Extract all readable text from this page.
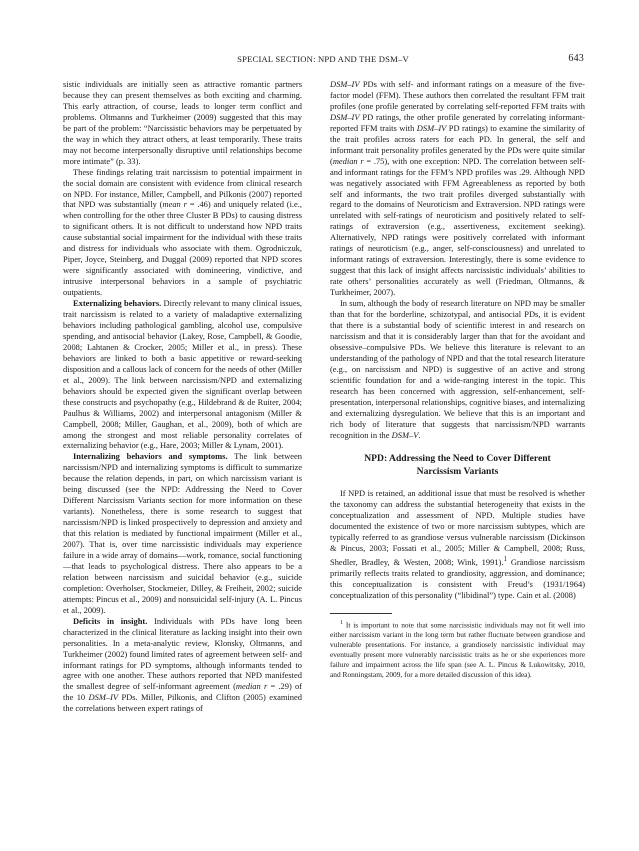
SPECIAL SECTION: NPD AND THE DSM–V	643

sistic individuals are initially seen as attractive romantic partners because they can present themselves as both exciting and charming. This early attraction, of course, leads to longer term conflict and problems. Oltmanns and Turkheimer (2009) suggested that this may be part of the problem: “Narcissistic behaviors may be perpetuated by the way in which they attract others, at least temporarily. These traits may not become interpersonally disruptive until relationships become more intimate” (p. 33).

These findings relating trait narcissism to potential impairment in the social domain are consistent with evidence from clinical research on NPD. For instance, Miller, Campbell, and Pilkonis (2007) reported that NPD was substantially (mean r = .46) and uniquely related (i.e., when controlling for the other three Cluster B PDs) to causing distress to significant others. It is not difficult to understand how NPD traits cause substantial social impairment for the individual with these traits and distress for individuals who associate with them. Ogrodniczuk, Piper, Joyce, Steinberg, and Duggal (2009) reported that NPD scores were significantly associated with domineering, vindictive, and intrusive interpersonal behaviors in a sample of psychiatric outpatients.

Externalizing behaviors. Directly relevant to many clinical issues, trait narcissism is related to a variety of maladaptive externalizing behaviors including pathological gambling, alcohol use, compulsive spending, and antisocial behavior (Lakey, Rose, Campbell, & Goodie, 2008; Lahtanen & Crocker, 2005; Miller et al., in press). These behaviors are linked to both a basic appetitive or reward-seeking disposition and a callous lack of concern for the needs of other (Miller et al., 2009). The link between narcissism/NPD and externalizing behaviors should be expected given the significant overlap between these constructs and psychopathy (e.g., Hildebrand & de Ruiter, 2004; Paulhus & Williams, 2002) and interpersonal antagonism (Miller & Campbell, 2008; Miller, Gaughan, et al., 2009), both of which are among the strongest and most reliable personality correlates of externalizing behavior (e.g., Hare, 2003; Miller & Lynam, 2001).

Internalizing behaviors and symptoms. The link between narcissism/NPD and internalizing symptoms is difficult to summarize because the relation depends, in part, on which narcissism variant is being discussed (see the NPD: Addressing the Need to Cover Different Narcissism Variants section for more information on these variants). Nonetheless, there is some research to suggest that narcissism/NPD is linked prospectively to depression and anxiety and that this relation is mediated by functional impairment (Miller et al., 2007). That is, over time narcissistic individuals may experience failure in a wide array of domains—work, romance, social functioning—that leads to psychological distress. There also appears to be a relation between narcissism and suicidal behavior (e.g., suicide completion: Overholser, Stockmeier, Dilley, & Freiheit, 2002; suicide attempts: Pincus et al., 2009) and nonsuicidal self-injury (A. L. Pincus et al., 2009).

Deficits in insight. Individuals with PDs have long been characterized in the clinical literature as lacking insight into their own personalities. In a meta-analytic review, Klonsky, Oltmanns, and Turkheimer (2002) found limited rates of agreement between self- and informant ratings for PD symptoms, although informants tended to agree with one another. These authors reported that NPD manifested the smallest degree of self-informant agreement (median r = .29) of the 10 DSM–IV PDs. Miller, Pilkonis, and Clifton (2005) examined the correlations between expert ratings of

DSM–IV PDs with self- and informant ratings on a measure of the five-factor model (FFM). These authors then correlated the resultant FFM trait profiles (one profile generated by correlating self-reported FFM traits with DSM–IV PD ratings, the other profile generated by correlating informant-reported FFM traits with DSM–IV PD ratings) to examine the similarity of the trait profiles across raters for each PD. In general, the self and informant trait personality profiles generated by the PDs were quite similar (median r = .75), with one exception: NPD. The correlation between self- and informant ratings for the FFM’s NPD profiles was .29. Although NPD was negatively associated with FFM Agreeableness as reported by both self and informants, the two trait profiles diverged substantially with regard to the domains of Neuroticism and Extraversion. NPD ratings were unrelated with self-ratings of neuroticism and positively related to self-ratings of extraversion (e.g., assertiveness, excitement seeking). Alternatively, NPD ratings were positively correlated with informant ratings of neuroticism (e.g., anger, self-consciousness) and unrelated to informant ratings of extraversion. Interestingly, there is some evidence to suggest that this lack of insight affects narcissistic individuals’ abilities to rate others’ personalities accurately as well (Friedman, Oltmanns, & Turkheimer, 2007).

In sum, although the body of research literature on NPD may be smaller than that for the borderline, schizotypal, and antisocial PDs, it is evident that there is a substantial body of scientific interest in and research on narcissism and that it is considerably larger than that for the avoidant and obsessive–compulsive PDs. We believe this literature is relevant to an understanding of the pathology of NPD and that the total research literature (e.g., on narcissism and NPD) is suggestive of an active and strong scientific foundation for and a wide-ranging interest in the topic. This research has been concerned with aggression, self-enhancement, self-presentation, interpersonal relationships, cognitive biases, and internalizing and externalizing dysregulation. We believe that this is an important and rich body of literature that suggests that narcissism/NPD warrants recognition in the DSM–V.

NPD: Addressing the Need to Cover Different
Narcissism Variants

If NPD is retained, an additional issue that must be resolved is whether the taxonomy can address the substantial heterogeneity that exists in the conceptualization and assessment of NPD. Multiple studies have documented the existence of two or more narcissism subtypes, which are typically referred to as grandiose versus vulnerable narcissism (Dickinson & Pincus, 2003; Fossati et al., 2005; Miller & Campbell, 2008; Russ, Shedler, Bradley, & Westen, 2008; Wink, 1991).$^1$ Grandiose narcissism primarily reflects traits related to grandiosity, aggression, and dominance; this conceptualization is consistent with Freud’s (1931/1964) conceptualization of this personality (“libidinal”) type. Cain et al. (2008)

$^1$ It is important to note that some narcissistic individuals may not fit well into either narcissism variant in the long term but rather fluctuate between grandiose and vulnerable presentations. For instance, a grandiosely narcissistic individual may eventually present more vulnerably narcissistic traits as he or she experiences more failure and impairment across the life span (see A. L. Pincus & Lukowitsky, 2010, and Ronningstam, 2009, for a more detailed discussion of this idea).
